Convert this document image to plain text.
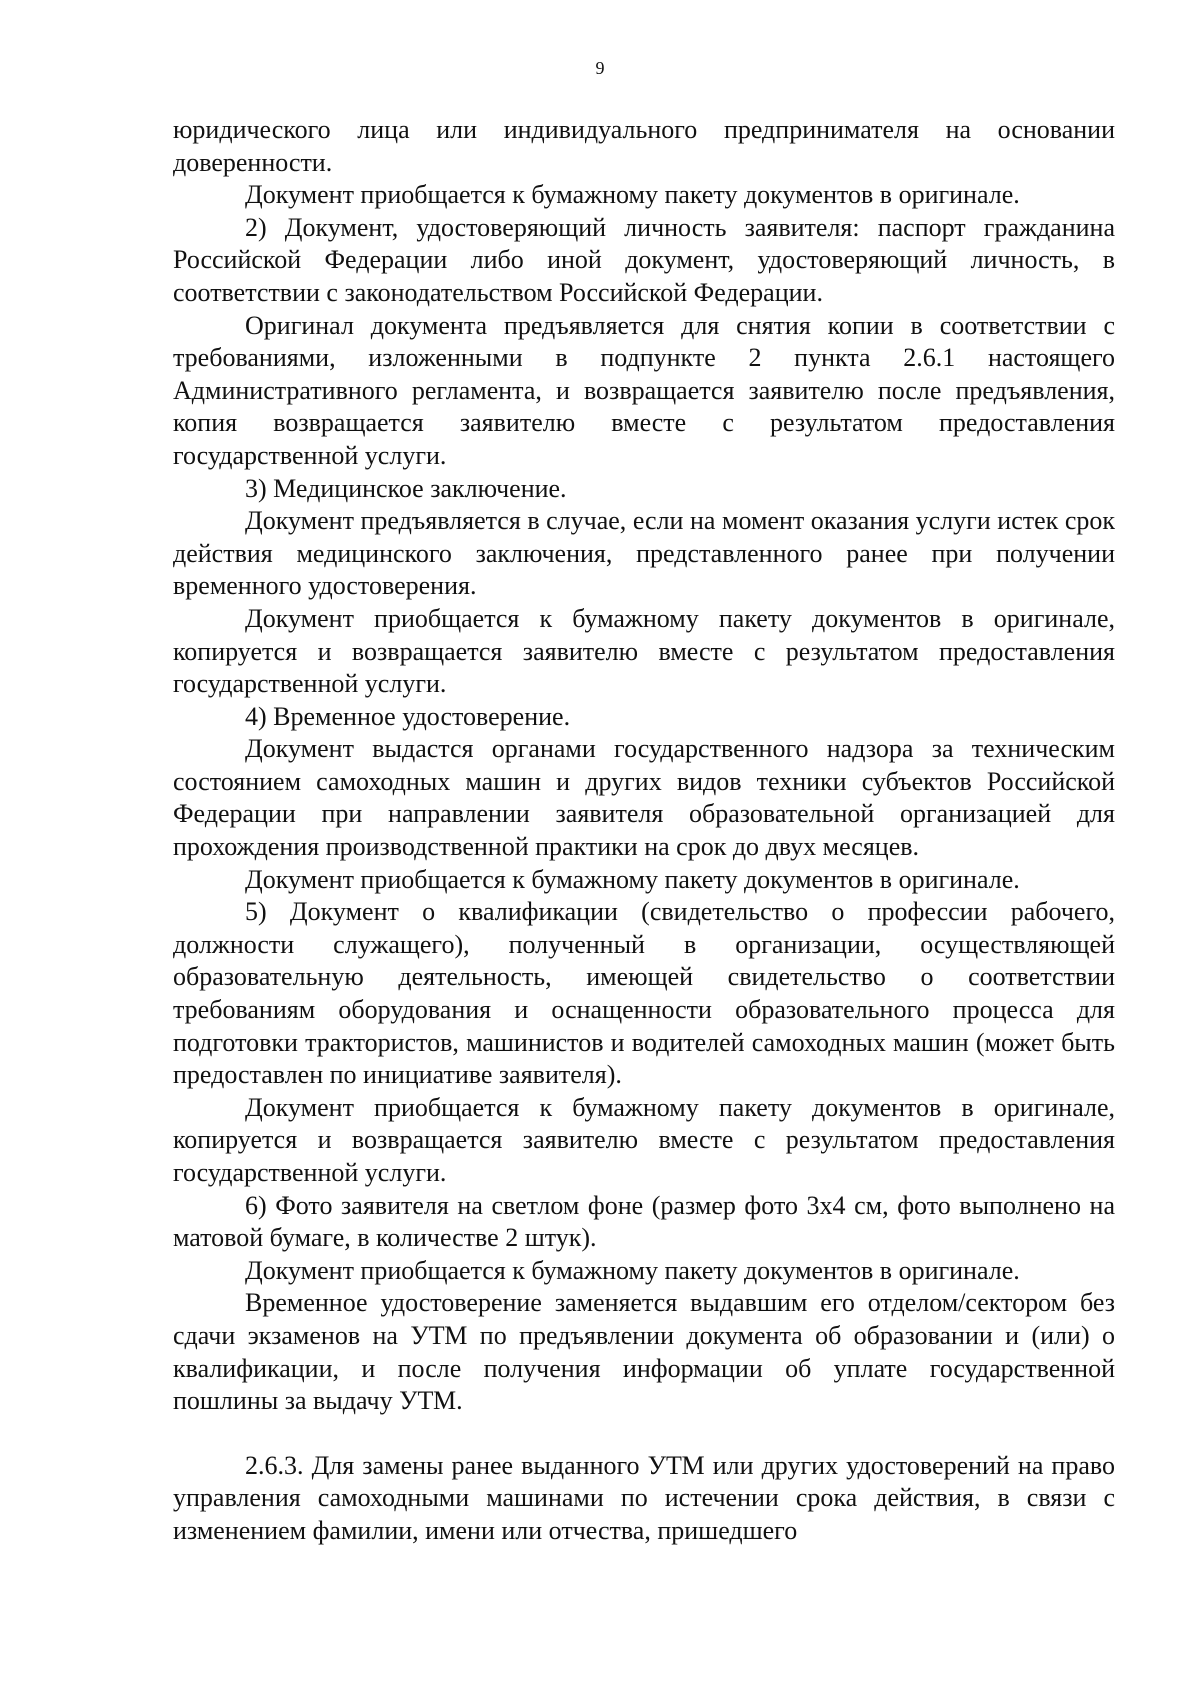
9

юридического лица или индивидуального предпринимателя на основании доверенности.

Документ приобщается к бумажному пакету документов в оригинале.

2) Документ, удостоверяющий личность заявителя: паспорт гражданина Российской Федерации либо иной документ, удостоверяющий личность, в соответствии с законодательством Российской Федерации.

Оригинал документа предъявляется для снятия копии в соответствии с требованиями, изложенными в подпункте 2 пункта 2.6.1 настоящего Административного регламента, и возвращается заявителю после предъявления, копия возвращается заявителю вместе с результатом предоставления государственной услуги.

3) Медицинское заключение.

Документ предъявляется в случае, если на момент оказания услуги истек срок действия медицинского заключения, представленного ранее при получении временного удостоверения.

Документ приобщается к бумажному пакету документов в оригинале, копируется и возвращается заявителю вместе с результатом предоставления государственной услуги.

4) Временное удостоверение.

Документ выдастся органами государственного надзора за техническим состоянием самоходных машин и других видов техники субъектов Российской Федерации при направлении заявителя образовательной организацией для прохождения производственной практики на срок до двух месяцев.

Документ приобщается к бумажному пакету документов в оригинале.

5) Документ о квалификации (свидетельство о профессии рабочего, должности служащего), полученный в организации, осуществляющей образовательную деятельность, имеющей свидетельство о соответствии требованиям оборудования и оснащенности образовательного процесса для подготовки трактористов, машинистов и водителей самоходных машин (может быть предоставлен по инициативе заявителя).

Документ приобщается к бумажному пакету документов в оригинале, копируется и возвращается заявителю вместе с результатом предоставления государственной услуги.

6) Фото заявителя на светлом фоне (размер фото 3х4 см, фото выполнено на матовой бумаге, в количестве 2 штук).

Документ приобщается к бумажному пакету документов в оригинале.

Временное удостоверение заменяется выдавшим его отделом/сектором без сдачи экзаменов на УТМ по предъявлении документа об образовании и (или) о квалификации, и после получения информации об уплате государственной пошлины за выдачу УТМ.

2.6.3. Для замены ранее выданного УТМ или других удостоверений на право управления самоходными машинами по истечении срока действия, в связи с изменением фамилии, имени или отчества, пришедшего
